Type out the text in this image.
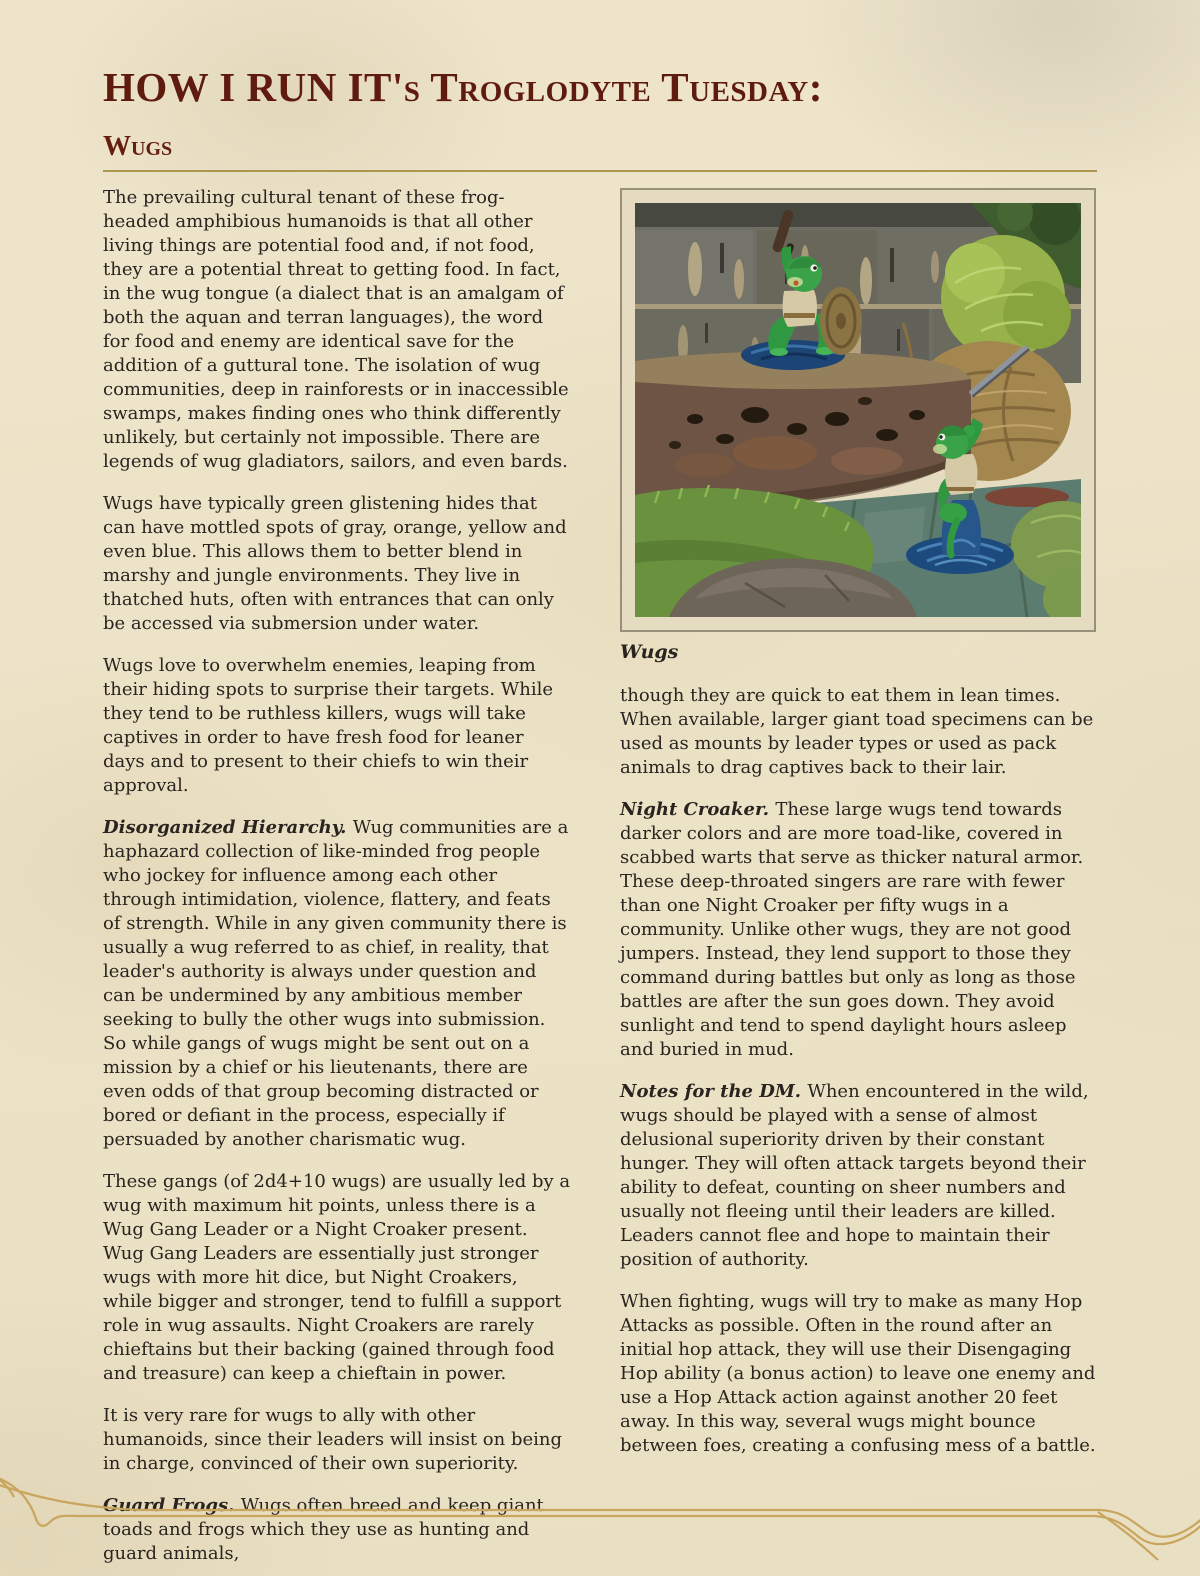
HOW I RUN IT's Troglodyte Tuesday:
Wugs

The prevailing cultural tenant of these frog-headed amphibious humanoids is that all other living things are potential food and, if not food, they are a potential threat to getting food. In fact, in the wug tongue (a dialect that is an amalgam of both the aquan and terran languages), the word for food and enemy are identical save for the addition of a guttural tone. The isolation of wug communities, deep in rainforests or in inaccessible swamps, makes finding ones who think differently unlikely, but certainly not impossible. There are legends of wug gladiators, sailors, and even bards.

Wugs have typically green glistening hides that can have mottled spots of gray, orange, yellow and even blue. This allows them to better blend in marshy and jungle environments. They live in thatched huts, often with entrances that can only be accessed via submersion under water.

Wugs love to overwhelm enemies, leaping from their hiding spots to surprise their targets. While they tend to be ruthless killers, wugs will take captives in order to have fresh food for leaner days and to present to their chiefs to win their approval.

Disorganized Hierarchy. Wug communities are a haphazard collection of like-minded frog people who jockey for influence among each other through intimidation, violence, flattery, and feats of strength. While in any given community there is usually a wug referred to as chief, in reality, that leader's authority is always under question and can be undermined by any ambitious member seeking to bully the other wugs into submission. So while gangs of wugs might be sent out on a mission by a chief or his lieutenants, there are even odds of that group becoming distracted or bored or defiant in the process, especially if persuaded by another charismatic wug.

These gangs (of 2d4+10 wugs) are usually led by a wug with maximum hit points, unless there is a Wug Gang Leader or a Night Croaker present. Wug Gang Leaders are essentially just stronger wugs with more hit dice, but Night Croakers, while bigger and stronger, tend to fulfill a support role in wug assaults. Night Croakers are rarely chieftains but their backing (gained through food and treasure) can keep a chieftain in power.

It is very rare for wugs to ally with other humanoids, since their leaders will insist on being in charge, convinced of their own superiority.

Guard Frogs. Wugs often breed and keep giant toads and frogs which they use as hunting and guard animals,

Wugs

though they are quick to eat them in lean times. When available, larger giant toad specimens can be used as mounts by leader types or used as pack animals to drag captives back to their lair.

Night Croaker. These large wugs tend towards darker colors and are more toad-like, covered in scabbed warts that serve as thicker natural armor. These deep-throated singers are rare with fewer than one Night Croaker per fifty wugs in a community. Unlike other wugs, they are not good jumpers. Instead, they lend support to those they command during battles but only as long as those battles are after the sun goes down. They avoid sunlight and tend to spend daylight hours asleep and buried in mud.

Notes for the DM. When encountered in the wild, wugs should be played with a sense of almost delusional superiority driven by their constant hunger. They will often attack targets beyond their ability to defeat, counting on sheer numbers and usually not fleeing until their leaders are killed. Leaders cannot flee and hope to maintain their position of authority.

When fighting, wugs will try to make as many Hop Attacks as possible. Often in the round after an initial hop attack, they will use their Disengaging Hop ability (a bonus action) to leave one enemy and use a Hop Attack action against another 20 feet away. In this way, several wugs might bounce between foes, creating a confusing mess of a battle.
